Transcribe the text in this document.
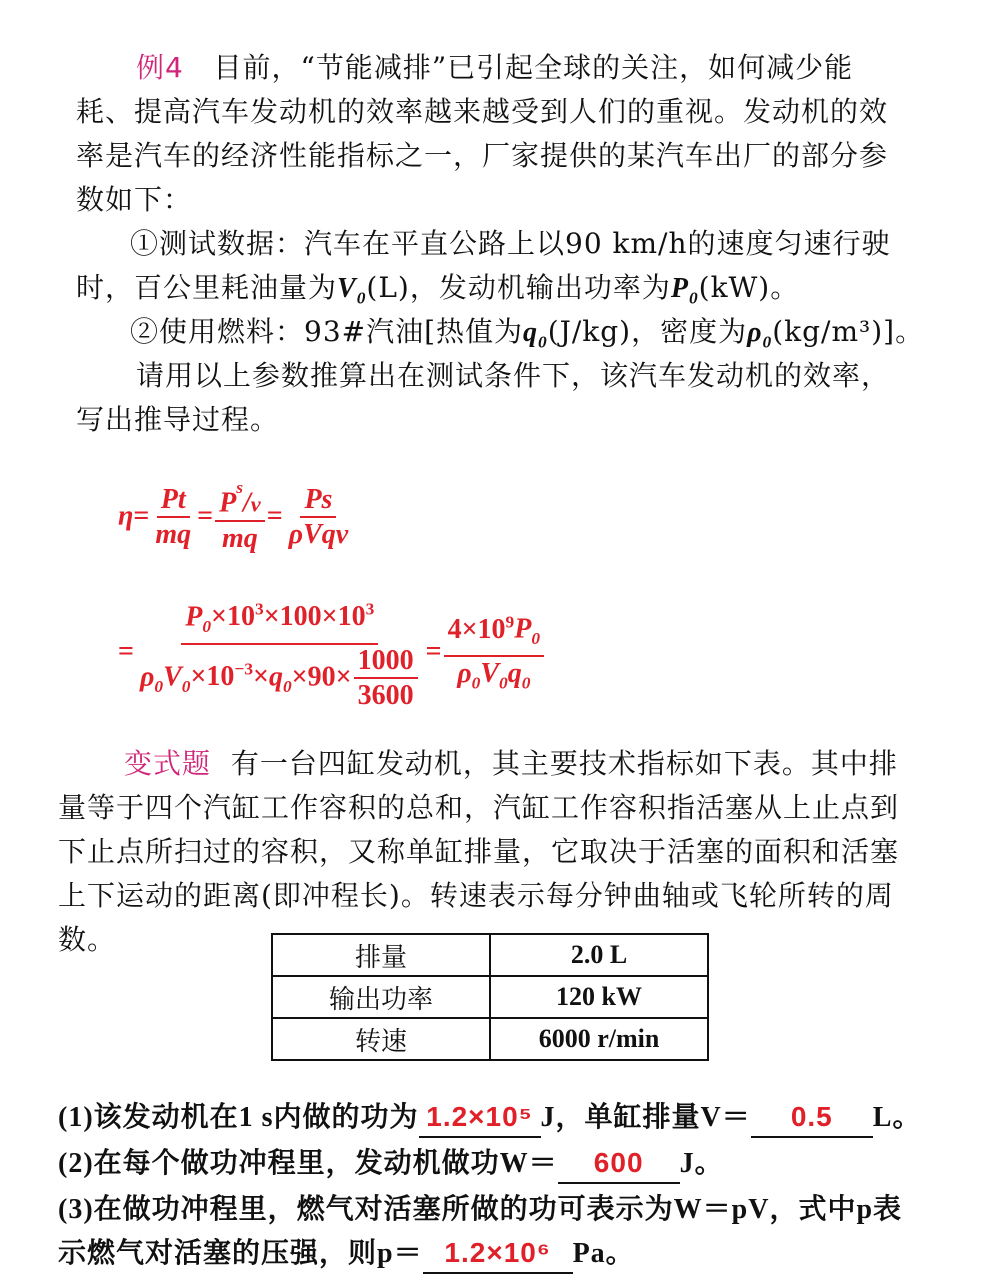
例4 目前，“节能减排”已引起全球的关注，如何减少能
耗、提高汽车发动机的效率越来越受到人们的重视。发动机的效
率是汽车的经济性能指标之一，厂家提供的某汽车出厂的部分参
数如下：
①测试数据：汽车在平直公路上以90 km/h的速度匀速行驶
时，百公里耗油量为$V_0(L)$，发动机输出功率为$P_0(kW)$。
②使用燃料：93#汽油[热值为$q_0(J/kg)$，密度为$\rho_0(kg/m^3)$]。
请用以上参数推算出在测试条件下，该汽车发动机的效率，
写出推导过程。
$\eta= \frac{Pt}{mq} = \frac{P^s/v}{mq} = \frac{Ps}{\text{ρVqv}}$
= $\frac{P_0\times 10^3\times 100\times 10^3}{\rho_0V_0\times 10^{-3}\times q_0\times 90\times \frac{1000}{3600}} = \frac{4\times 10^9P_0}{\rho_0V_0q_0}$
变式题 有一台四缸发动机，其主要技术指标如下表。其中排
量等于四个汽缸工作容积的总和，汽缸工作容积指活塞从上止点到
下止点所扫过的容积，又称单缸排量，它取决于活塞的面积和活塞
上下运动的距离(即冲程长)。转速表示每分钟曲轴或飞轮所转的周
数。
排量	2.0 L
输出功率	120 kW
转速	6000 r/min
(1)该发动机在1 s内做的功为 1.2×10⁵ J，单缸排量V＝ 0.5 L。
(2)在每个做功冲程里，发动机做功W＝ 600 J。
(3)在做功冲程里，燃气对活塞所做的功可表示为W＝pV，式中p表
示燃气对活塞的压强，则p＝ 1.2×10⁶ Pa。
